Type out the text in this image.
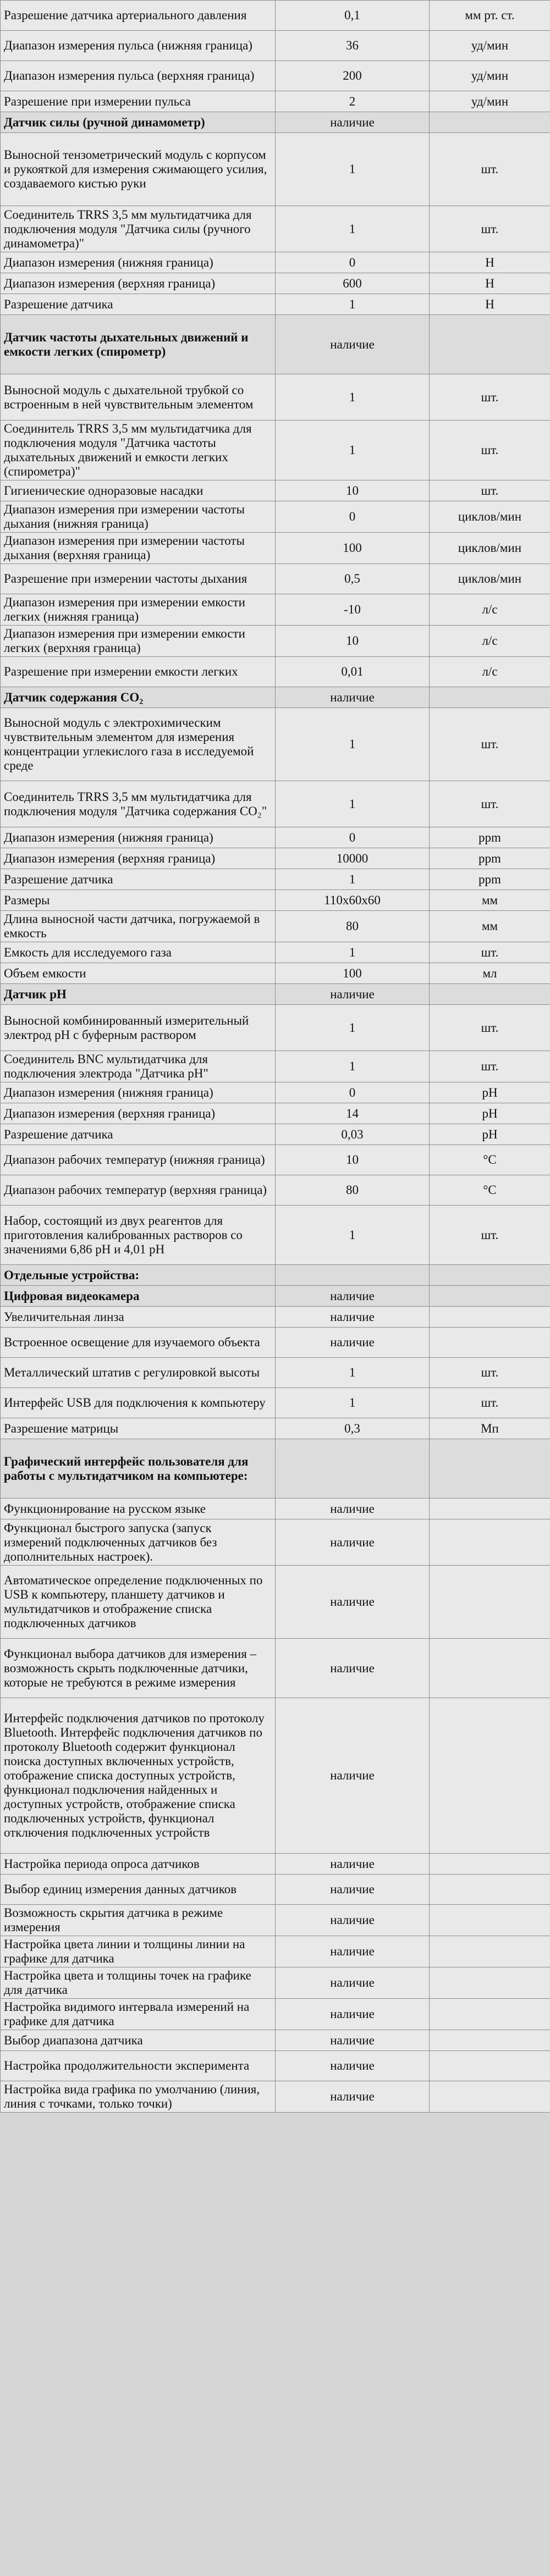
Разрешение датчика артериального давления	0,1	мм рт. ст.
Диапазон измерения пульса (нижняя граница)	36	уд/мин
Диапазон измерения пульса (верхняя граница)	200	уд/мин
Разрешение при измерении пульса	2	уд/мин
Датчик силы (ручной динамометр)	наличие	
Выносной тензометрический модуль с корпусом и рукояткой для измерения сжимающего усилия, создаваемого кистью руки	1	шт.
Соединитель TRRS 3,5 мм мультидатчика для подключения модуля "Датчика силы (ручного динамометра)"	1	шт.
Диапазон измерения (нижняя граница)	0	Н
Диапазон измерения (верхняя граница)	600	Н
Разрешение датчика	1	Н
Датчик частоты дыхательных движений и емкости легких (спирометр)	наличие	
Выносной модуль с дыхательной трубкой со встроенным в ней чувствительным элементом	1	шт.
Соединитель TRRS 3,5 мм мультидатчика для подключения модуля "Датчика частоты дыхательных движений и емкости легких (спирометра)"	1	шт.
Гигиенические одноразовые насадки	10	шт.
Диапазон измерения при измерении частоты дыхания (нижняя граница)	0	циклов/мин
Диапазон измерения при измерении частоты дыхания (верхняя граница)	100	циклов/мин
Разрешение при измерении частоты дыхания	0,5	циклов/мин
Диапазон измерения при измерении емкости легких (нижняя граница)	-10	л/с
Диапазон измерения при измерении емкости легких (верхняя граница)	10	л/с
Разрешение при измерении емкости легких	0,01	л/с
Датчик содержания CO₂	наличие	
Выносной модуль с электрохимическим чувствительным элементом для измерения концентрации углекислого газа в исследуемой среде	1	шт.
Соединитель TRRS 3,5 мм мультидатчика для подключения модуля "Датчика содержания CO₂"	1	шт.
Диапазон измерения (нижняя граница)	0	ppm
Диапазон измерения (верхняя граница)	10000	ppm
Разрешение датчика	1	ppm
Размеры	110х60х60	мм
Длина выносной части датчика, погружаемой в емкость	80	мм
Емкость для исследуемого газа	1	шт.
Объем емкости	100	мл
Датчик pH	наличие	
Выносной комбинированный измерительный электрод pH с буферным раствором	1	шт.
Соединитель BNC мультидатчика для подключения электрода "Датчика pH"	1	шт.
Диапазон измерения (нижняя граница)	0	pH
Диапазон измерения (верхняя граница)	14	pH
Разрешение датчика	0,03	pH
Диапазон рабочих температур (нижняя граница)	10	°С
Диапазон рабочих температур (верхняя граница)	80	°С
Набор, состоящий из двух реагентов для приготовления калиброванных растворов со значениями 6,86 pH и 4,01 pH	1	шт.
Отдельные устройства:		
Цифровая видеокамера	наличие	
Увеличительная линза	наличие	
Встроенное освещение для изучаемого объекта	наличие	
Металлический штатив с регулировкой высоты	1	шт.
Интерфейс USB для подключения к компьютеру	1	шт.
Разрешение матрицы	0,3	Мп
Графический интерфейс пользователя для работы с мультидатчиком на компьютере:		
Функционирование на русском языке	наличие	
Функционал быстрого запуска (запуск измерений подключенных датчиков без дополнительных настроек).	наличие	
Автоматическое определение подключенных по USB к компьютеру, планшету датчиков и мультидатчиков и отображение списка подключенных датчиков	наличие	
Функционал выбора датчиков для измерения – возможность скрыть подключенные датчики, которые не требуются в режиме измерения	наличие	
Интерфейс подключения датчиков по протоколу Bluetooth. Интерфейс подключения датчиков по протоколу Bluetooth содержит функционал поиска доступных включенных устройств, отображение списка доступных устройств, функционал подключения найденных и доступных устройств, отображение списка подключенных устройств, функционал отключения подключенных устройств	наличие	
Настройка периода опроса датчиков	наличие	
Выбор единиц измерения данных датчиков	наличие	
Возможность скрытия датчика в режиме измерения	наличие	
Настройка цвета линии и толщины линии на графике для датчика	наличие	
Настройка цвета и толщины точек на графике для датчика	наличие	
Настройка видимого интервала измерений на графике для датчика	наличие	
Выбор диапазона датчика	наличие	
Настройка продолжительности эксперимента	наличие	
Настройка вида графика по умолчанию (линия, линия с точками, только точки)	наличие	
